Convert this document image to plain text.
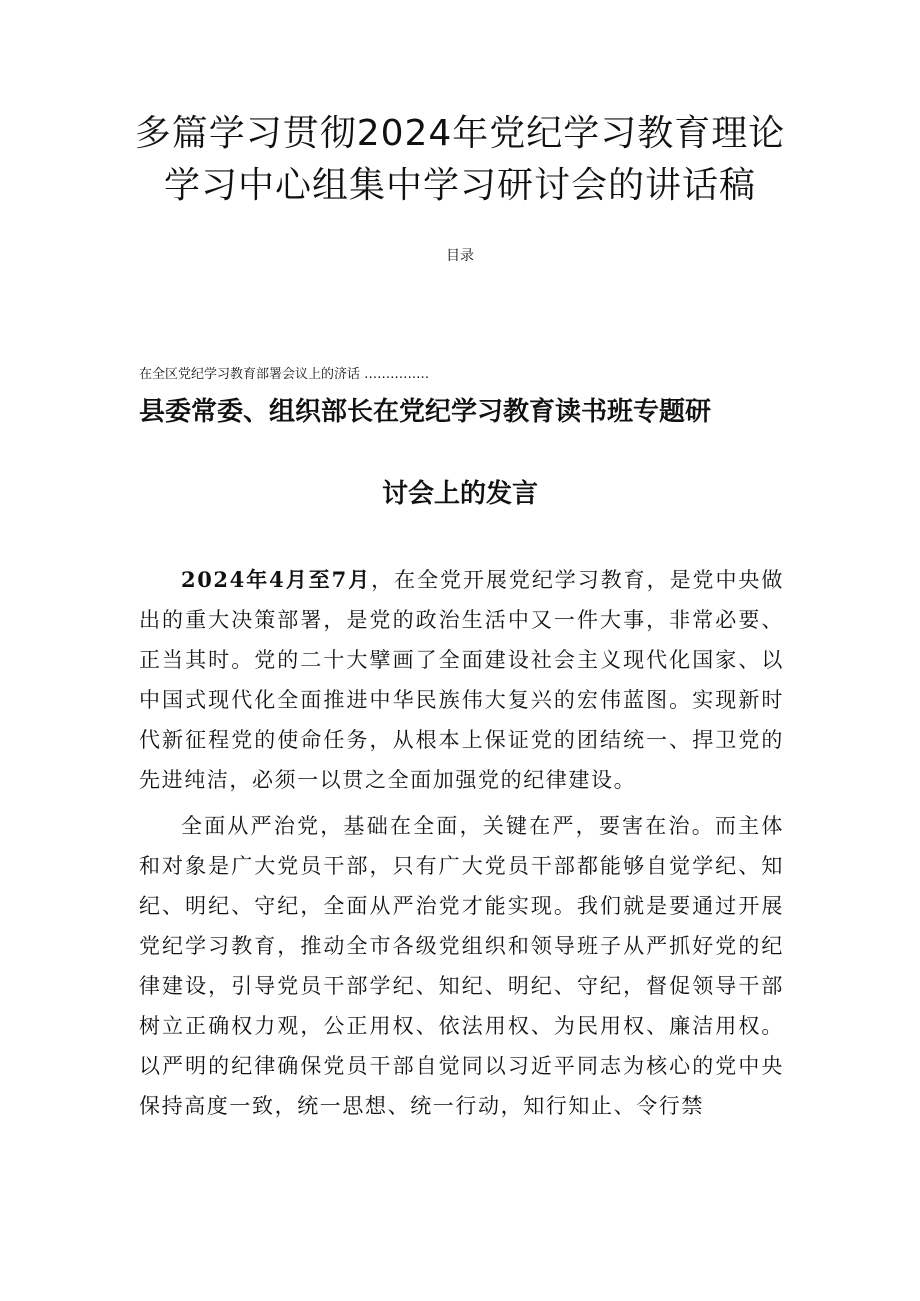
多篇学习贯彻2024年党纪学习教育理论学习中心组集中学习研讨会的讲话稿
目录
在全区党纪学习教育部署会议上的济话 ……………
县委常委、组织部长在党纪学习教育读书班专题研
讨会上的发言

2024年4月至7月，在全党开展党纪学习教育，是党中央做出的重大决策部署，是党的政治生活中又一件大事，非常必要、正当其时。党的二十大擘画了全面建设社会主义现代化国家、以中国式现代化全面推进中华民族伟大复兴的宏伟蓝图。实现新时代新征程党的使命任务，从根本上保证党的团结统一、捍卫党的先进纯洁，必须一以贯之全面加强党的纪律建设。

全面从严治党，基础在全面，关键在严，要害在治。而主体和对象是广大党员干部，只有广大党员干部都能够自觉学纪、知纪、明纪、守纪，全面从严治党才能实现。我们就是要通过开展党纪学习教育，推动全市各级党组织和领导班子从严抓好党的纪律建设，引导党员干部学纪、知纪、明纪、守纪，督促领导干部树立正确权力观，公正用权、依法用权、为民用权、廉洁用权。以严明的纪律确保党员干部自觉同以习近平同志为核心的党中央保持高度一致，统一思想、统一行动，知行知止、令行禁
